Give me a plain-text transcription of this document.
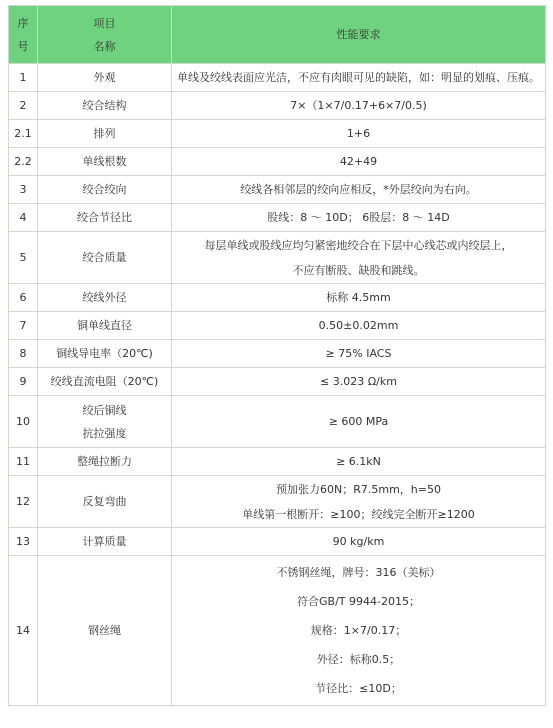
序
号	项目
名称	性能要求
1	外观	单线及绞线表面应光洁，不应有肉眼可见的缺陷，如：明显的划痕、压痕。

2	绞合结构	7×（1×7/0.17+6×7/0.5)

2.1	排列	1+6

2.2	单线根数	42+49

3	绞合绞向	绞线各相邻层的绞向应相反，*外层绞向为右向。

4	绞合节径比	股线：8 ～ 10D； 6股层：8 ～ 14D

5	绞合质量	每层单线或股线应均匀紧密地绞合在下层中心线芯或内绞层上，
不应有断股、缺股和跳线。

6	绞线外径	标称 4.5mm

7	铜单线直径	0.50±0.02mm

8	铜线导电率（20℃)	≥ 75% IACS

9	绞线直流电阻（20℃)	≤ 3.023 Ω/km

10	绞后铜线
抗拉强度	≥ 600 MPa

11	整绳拉断力	≥ 6.1kN

12	反复弯曲	预加张力60N；R7.5mm，h=50
单线第一根断开：≥100；绞线完全断开≥1200

13	计算质量	90 kg/km

14	钢丝绳	不锈钢丝绳，牌号：316（美标）
符合GB/T 9944-2015；
规格：1×7/0.17；
外径：标称0.5；
节径比：≤10D；
